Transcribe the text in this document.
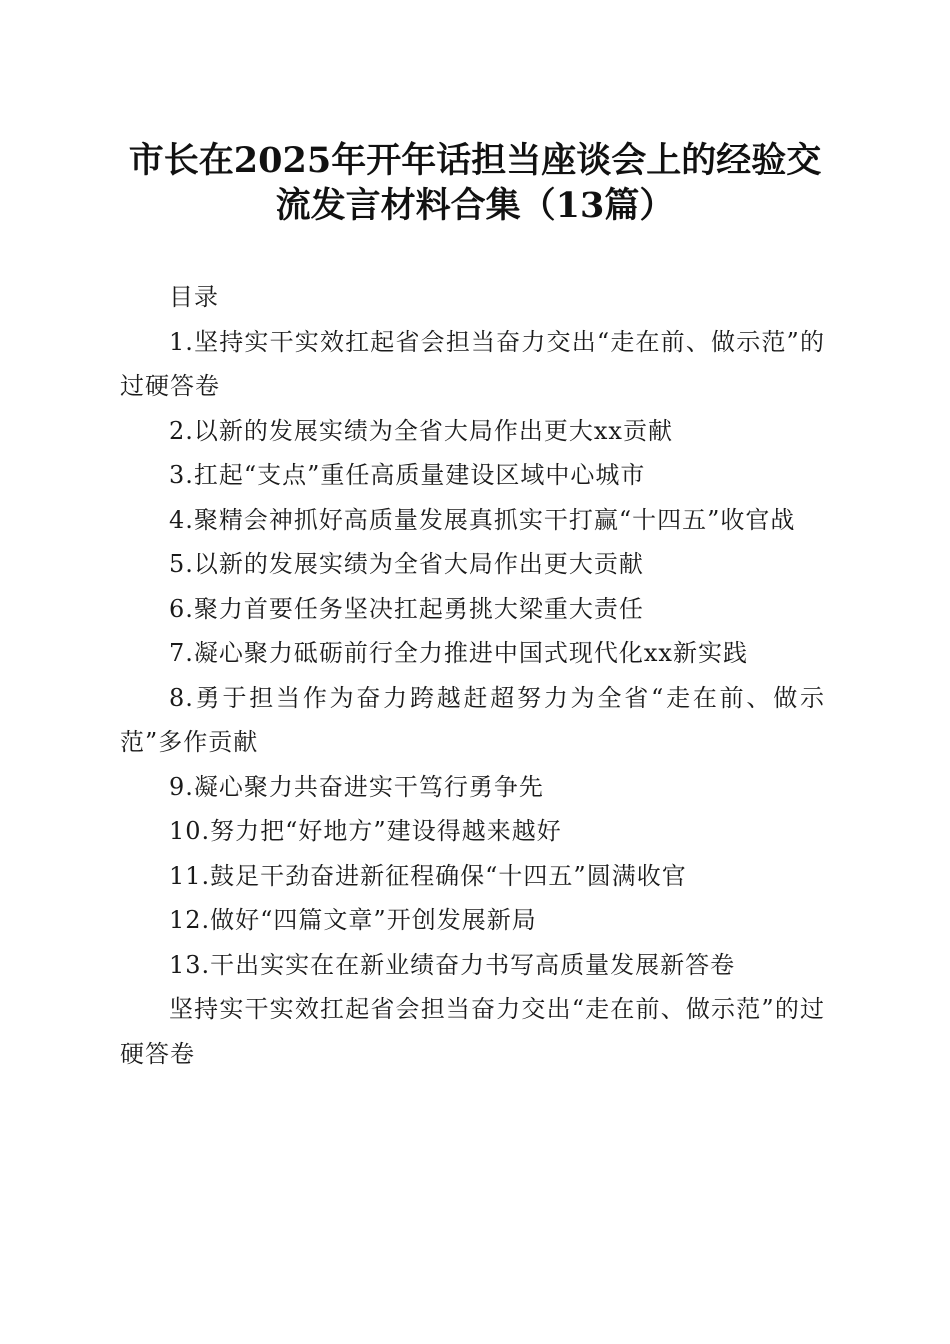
市长在2025年开年话担当座谈会上的经验交
流发言材料合集（13篇）

目录

1.坚持实干实效扛起省会担当奋力交出“走在前、做示范”的过硬答卷
2.以新的发展实绩为全省大局作出更大xx贡献
3.扛起“支点”重任高质量建设区域中心城市
4.聚精会神抓好高质量发展真抓实干打赢“十四五”收官战
5.以新的发展实绩为全省大局作出更大贡献
6.聚力首要任务坚决扛起勇挑大梁重大责任
7.凝心聚力砥砺前行全力推进中国式现代化xx新实践
8.勇于担当作为奋力跨越赶超努力为全省“走在前、做示范”多作贡献
9.凝心聚力共奋进实干笃行勇争先
10.努力把“好地方”建设得越来越好
11.鼓足干劲奋进新征程确保“十四五”圆满收官
12.做好“四篇文章”开创发展新局
13.干出实实在在新业绩奋力书写高质量发展新答卷

坚持实干实效扛起省会担当奋力交出“走在前、做示范”的过硬答卷
